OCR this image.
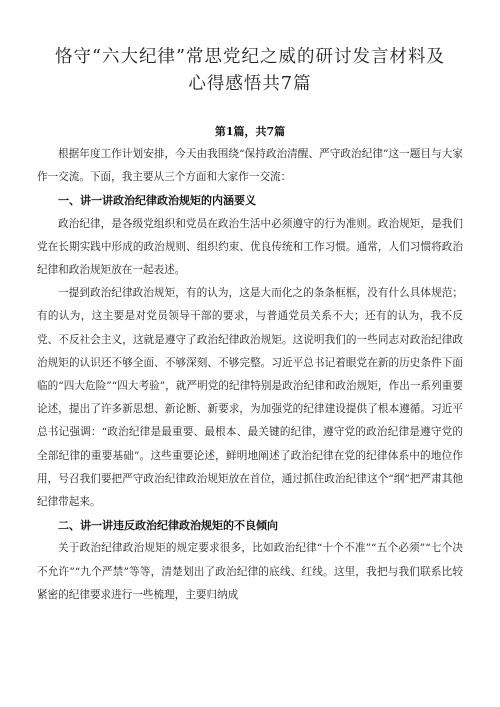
恪守“六大纪律”常思党纪之威的研讨发言材料及
心得感悟共7篇
第1篇，共7篇

根据年度工作计划安排，今天由我围绕“保持政治清醒、严守政治纪律”这一题目与大家作一交流。下面，我主要从三个方面和大家作一交流：

一、讲一讲政治纪律政治规矩的内涵要义

政治纪律，是各级党组织和党员在政治生活中必须遵守的行为准则。政治规矩，是我们党在长期实践中形成的政治规则、组织约束、优良传统和工作习惯。通常，人们习惯将政治纪律和政治规矩放在一起表述。

一提到政治纪律政治规矩，有的认为，这是大而化之的条条框框，没有什么具体规范；有的认为，这主要是对党员领导干部的要求，与普通党员关系不大；还有的认为，我不反党、不反社会主义，这就是遵守了政治纪律政治规矩。这说明我们的一些同志对政治纪律政治规矩的认识还不够全面、不够深刻、不够完整。习近平总书记着眼党在新的历史条件下面临的“四大危险”“四大考验”，就严明党的纪律特别是政治纪律和政治规矩，作出一系列重要论述，提出了许多新思想、新论断、新要求，为加强党的纪律建设提供了根本遵循。习近平总书记强调：“政治纪律是最重要、最根本、最关键的纪律，遵守党的政治纪律是遵守党的全部纪律的重要基础”。这些重要论述，鲜明地阐述了政治纪律在党的纪律体系中的地位作用，号召我们要把严守政治纪律政治规矩放在首位，通过抓住政治纪律这个“纲”把严肃其他纪律带起来。

二、讲一讲违反政治纪律政治规矩的不良倾向

关于政治纪律政治规矩的规定要求很多，比如政治纪律“十个不准”“五个必须”“七个决不允许”“九个严禁”等等，清楚划出了政治纪律的底线、红线。这里，我把与我们联系比较紧密的纪律要求进行一些梳理，主要归纳成
